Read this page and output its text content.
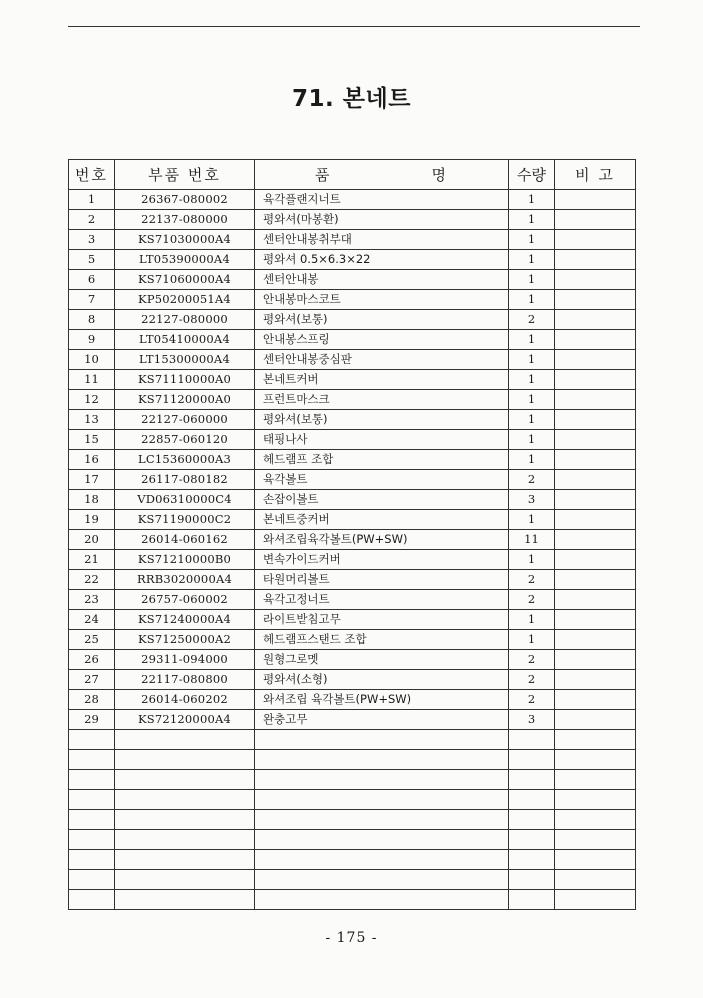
71. 본네트
번호	부품 번호	품 명	수량	비 고
1	26367-080002	육각플랜지너트	1	
2	22137-080000	평와셔(마봉환)	1	
3	KS71030000A4	센터안내봉취부대	1	
5	LT05390000A4	평와셔 0.5×6.3×22	1	
6	KS71060000A4	센터안내봉	1	
7	KP50200051A4	안내봉마스코트	1	
8	22127-080000	평와셔(보통)	2	
9	LT05410000A4	안내봉스프링	1	
10	LT15300000A4	센터안내봉중심판	1	
11	KS71110000A0	본네트커버	1	
12	KS71120000A0	프런트마스크	1	
13	22127-060000	평와셔(보통)	1	
15	22857-060120	태핑나사	1	
16	LC15360000A3	헤드램프 조합	1	
17	26117-080182	육각볼트	2	
18	VD06310000C4	손잡이볼트	3	
19	KS71190000C2	본네트중커버	1	
20	26014-060162	와셔조립육각볼트(PW+SW)	11	
21	KS71210000B0	변속가이드커버	1	
22	RRB3020000A4	타원머리볼트	2	
23	26757-060002	육각고정너트	2	
24	KS71240000A4	라이트받침고무	1	
25	KS71250000A2	헤드램프스탠드 조합	1	
26	29311-094000	원형그로멧	2	
27	22117-080800	평와셔(소형)	2	
28	26014-060202	와셔조립 육각볼트(PW+SW)	2	
29	KS72120000A4	완충고무	3	

- 175 -
